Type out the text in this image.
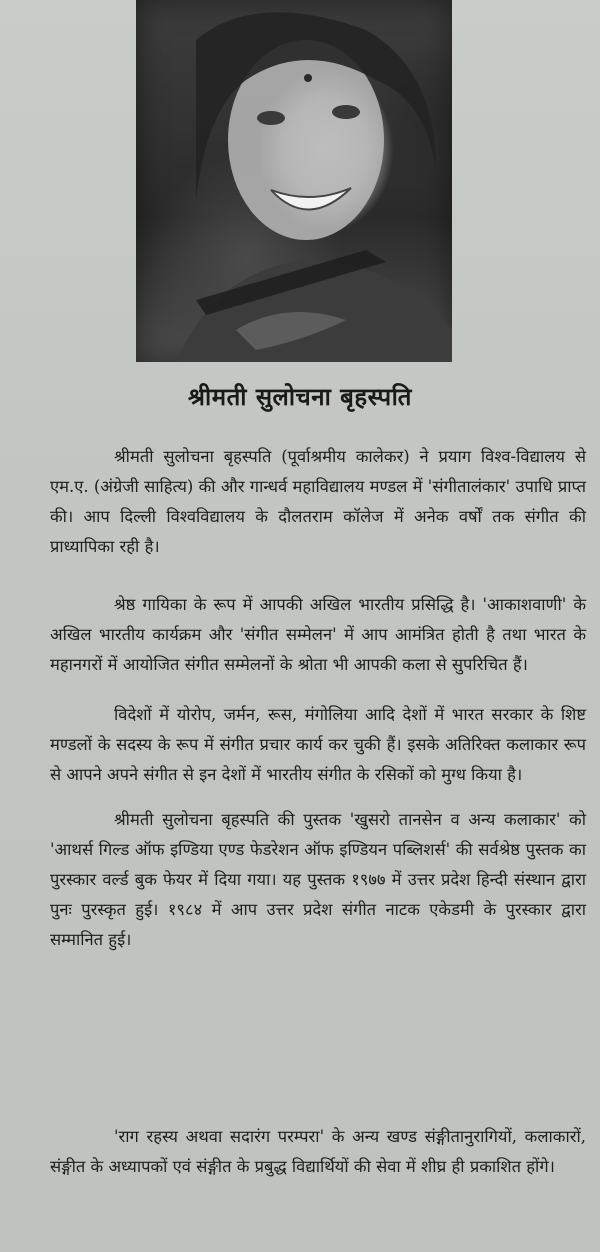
श्रीमती सुलोचना बृहस्पति

श्रीमती सुलोचना बृहस्पति (पूर्वाश्रमीय कालेकर) ने प्रयाग विश्व-विद्यालय से एम.ए. (अंग्रेजी साहित्य) की और गान्धर्व महाविद्यालय मण्डल में 'संगीतालंकार' उपाधि प्राप्त की। आप दिल्ली विश्वविद्यालय के दौलतराम कॉलेज में अनेक वर्षों तक संगीत की प्राध्यापिका रही है।

श्रेष्ठ गायिका के रूप में आपकी अखिल भारतीय प्रसिद्धि है। 'आकाशवाणी' के अखिल भारतीय कार्यक्रम और 'संगीत सम्मेलन' में आप आमंत्रित होती है तथा भारत के महानगरों में आयोजित संगीत सम्मेलनों के श्रोता भी आपकी कला से सुपरिचित हैं।

विदेशों में योरोप, जर्मन, रूस, मंगोलिया आदि देशों में भारत सरकार के शिष्ट मण्डलों के सदस्य के रूप में संगीत प्रचार कार्य कर चुकी हैं। इसके अतिरिक्त कलाकार रूप से आपने अपने संगीत से इन देशों में भारतीय संगीत के रसिकों को मुग्ध किया है।

श्रीमती सुलोचना बृहस्पति की पुस्तक 'खुसरो तानसेन व अन्य कलाकार' को 'आथर्स गिल्ड ऑफ इण्डिया एण्ड फेडरेशन ऑफ इण्डियन पब्लिशर्स' की सर्वश्रेष्ठ पुस्तक का पुरस्कार वर्ल्ड बुक फेयर में दिया गया। यह पुस्तक १९७७ में उत्तर प्रदेश हिन्दी संस्थान द्वारा पुनः पुरस्कृत हुई। १९८४ में आप उत्तर प्रदेश संगीत नाटक एकेडमी के पुरस्कार द्वारा सम्मानित हुई।

'राग रहस्य अथवा सदारंग परम्परा' के अन्य खण्ड संङ्गीतानुरागियों, कलाकारों, संङ्गीत के अध्यापकों एवं संङ्गीत के प्रबुद्ध विद्यार्थियों की सेवा में शीघ्र ही प्रकाशित होंगे।
